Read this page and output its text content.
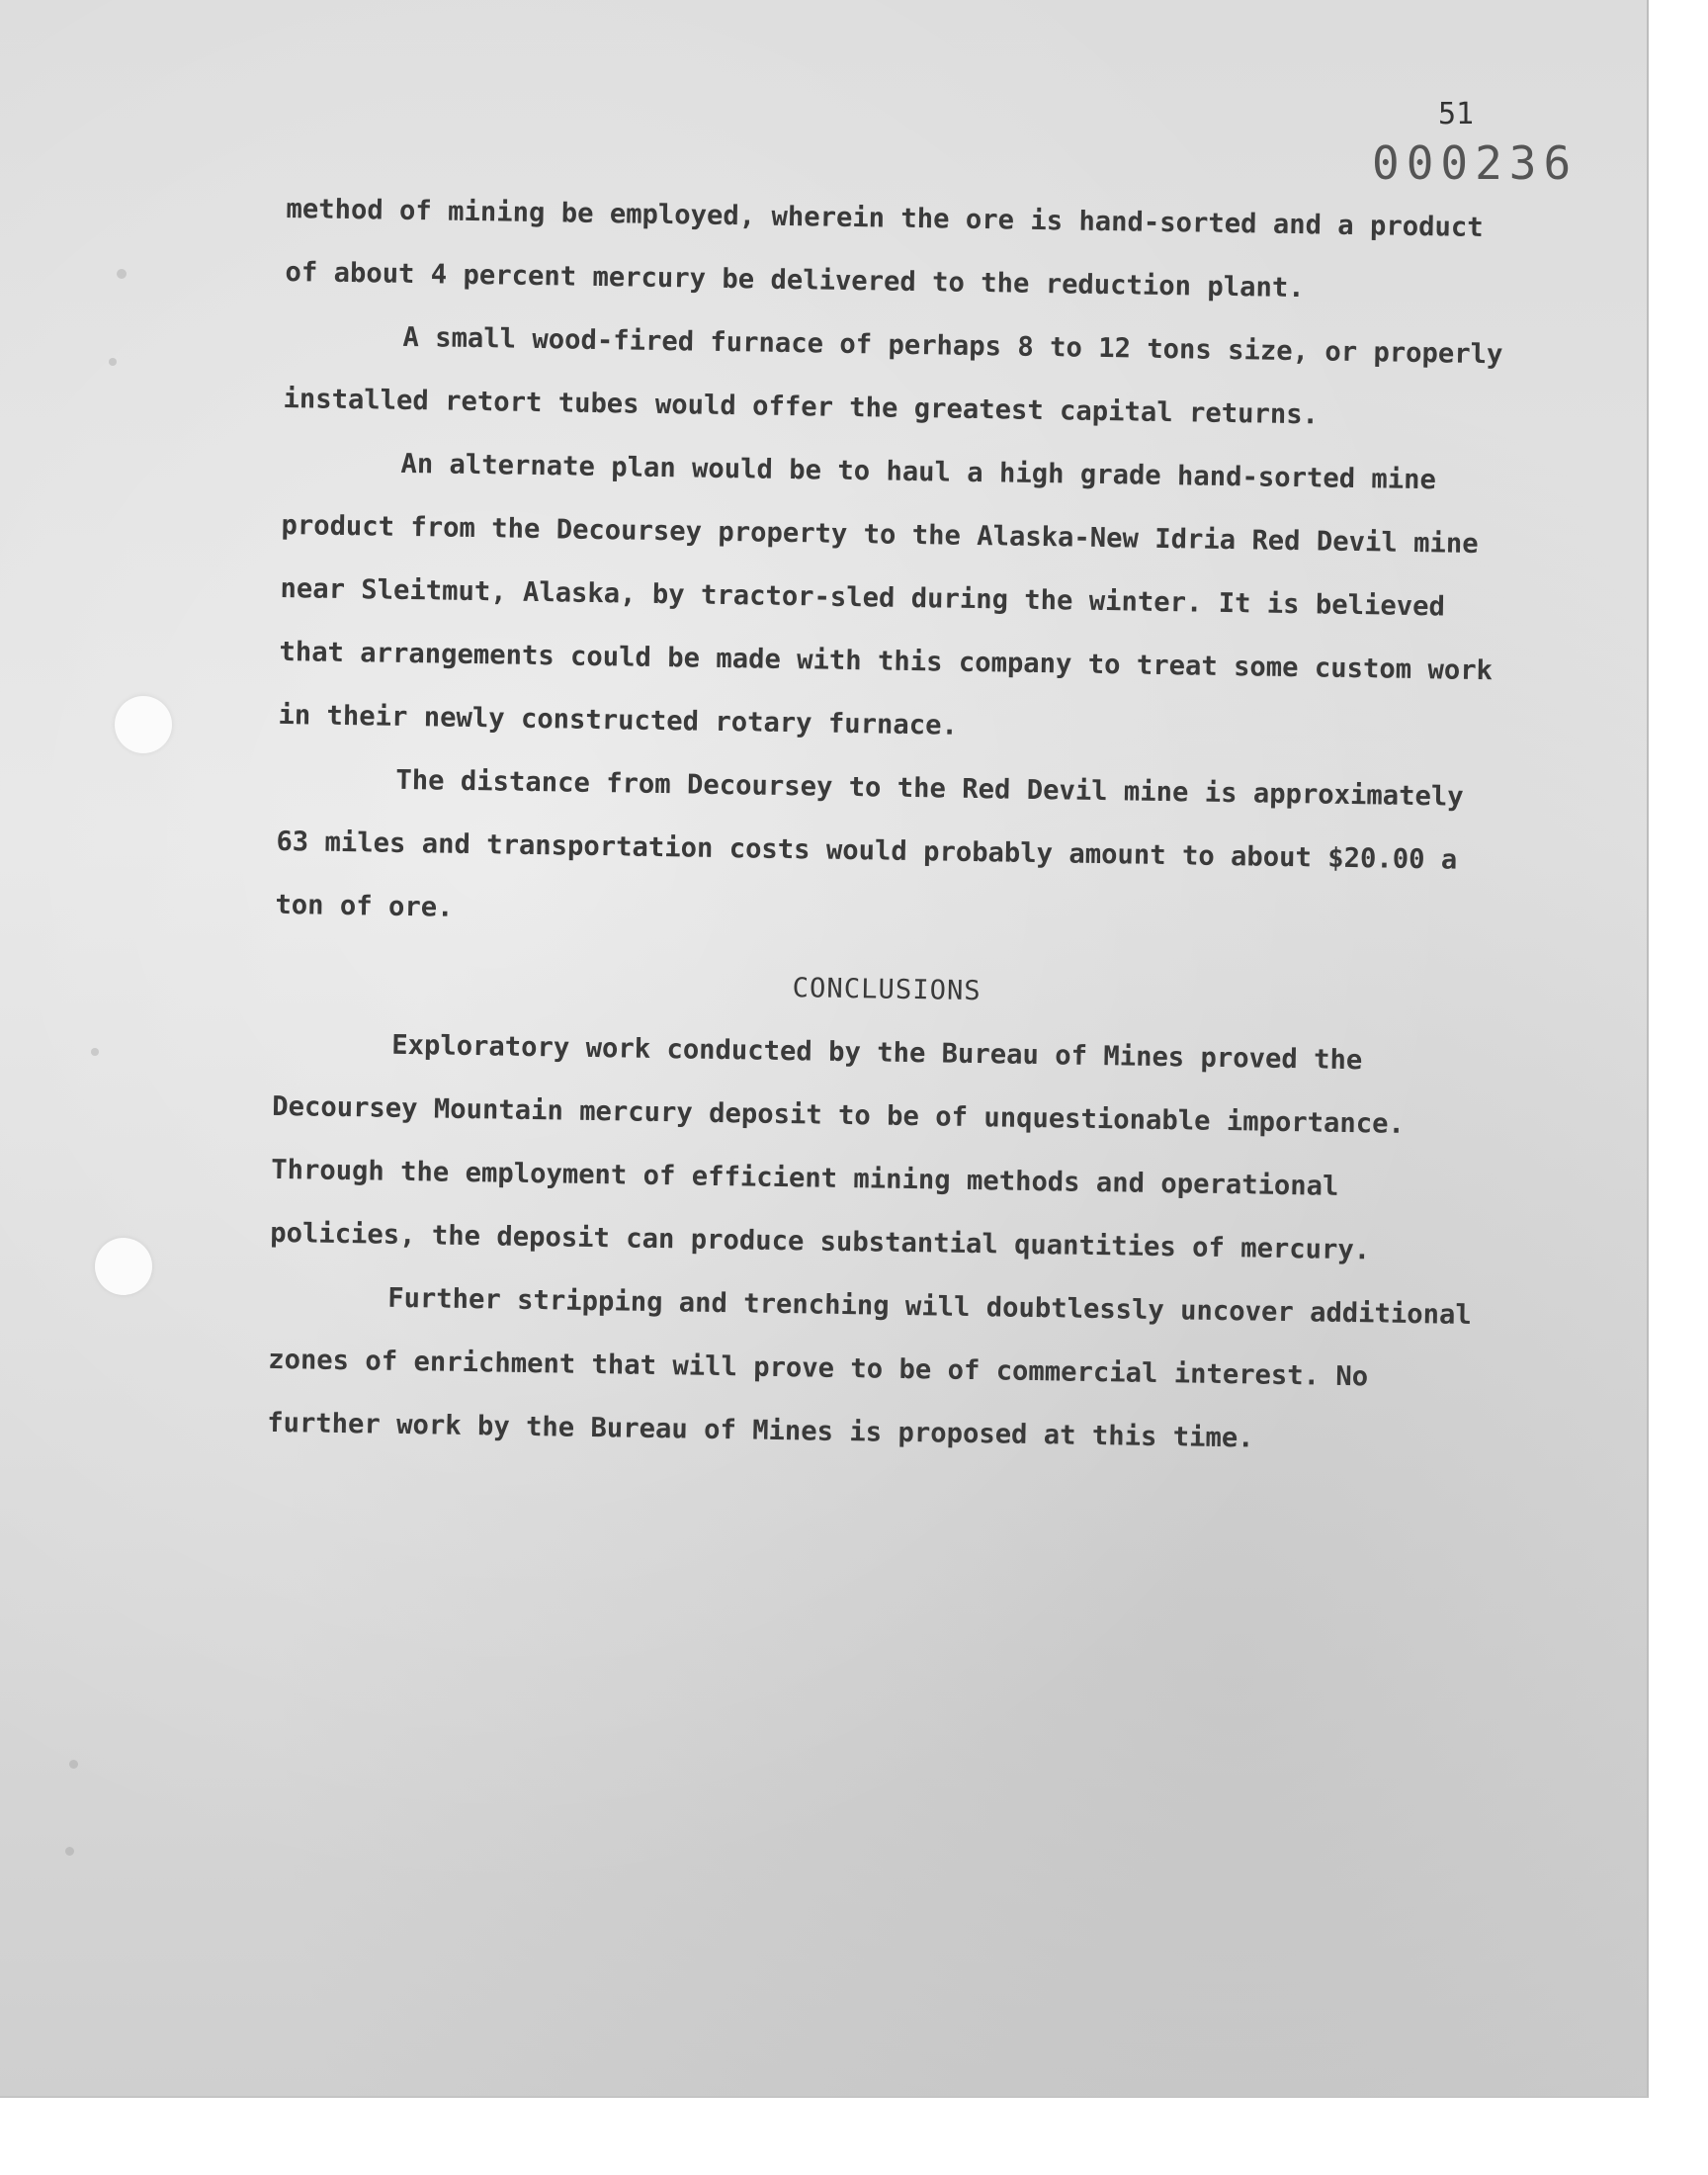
51
000236

method of mining be employed, wherein the ore is hand-sorted and a product of about 4 percent mercury be delivered to the reduction plant.

A small wood-fired furnace of perhaps 8 to 12 tons size, or properly installed retort tubes would offer the greatest capital returns.

An alternate plan would be to haul a high grade hand-sorted mine product from the Decoursey property to the Alaska-New Idria Red Devil mine near Sleitmut, Alaska, by tractor-sled during the winter. It is believed that arrangements could be made with this company to treat some custom work in their newly constructed rotary furnace.

The distance from Decoursey to the Red Devil mine is approximately 63 miles and transportation costs would probably amount to about $20.00 a ton of ore.

CONCLUSIONS

Exploratory work conducted by the Bureau of Mines proved the Decoursey Mountain mercury deposit to be of unquestionable importance. Through the employment of efficient mining methods and operational policies, the deposit can produce substantial quantities of mercury.

Further stripping and trenching will doubtlessly uncover additional zones of enrichment that will prove to be of commercial interest. No further work by the Bureau of Mines is proposed at this time.
